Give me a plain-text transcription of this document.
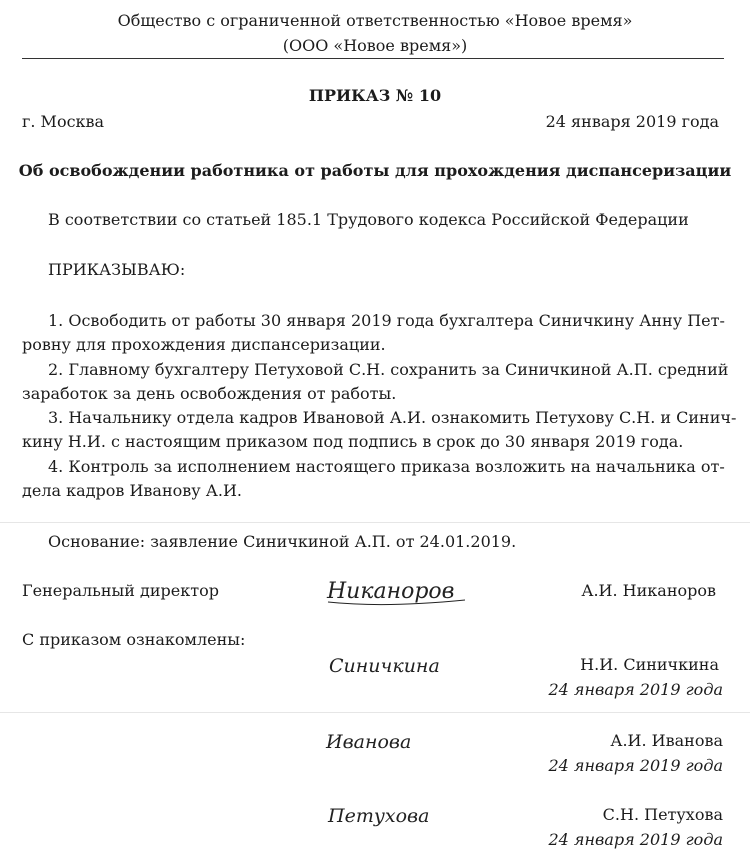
Общество с ограниченной ответственностью «Новое время»
(ООО «Новое время»)
ПРИКАЗ № 10
г. Москва	24 января 2019 года
Об освобождении работника от работы для прохождения диспансеризации
В соответствии со статьей 185.1 Трудового кодекса Российской Федерации
ПРИКАЗЫВАЮ:
1. Освободить от работы 30 января 2019 года бухгалтера Синичкину Анну Пет-
ровну для прохождения диспансеризации.
2. Главному бухгалтеру Петуховой С.Н. сохранить за Синичкиной А.П. средний
заработок за день освобождения от работы.
3. Начальнику отдела кадров Ивановой А.И. ознакомить Петухову С.Н. и Синич-
кину Н.И. с настоящим приказом под подпись в срок до 30 января 2019 года.
4. Контроль за исполнением настоящего приказа возложить на начальника от-
дела кадров Иванову А.И.
Основание: заявление Синичкиной А.П. от 24.01.2019.
Генеральный директор	Никаноров	А.И. Никаноров
С приказом ознакомлены:
Синичкина	Н.И. Синичкина
24 января 2019 года
Иванова	А.И. Иванова
24 января 2019 года
Петухова	С.Н. Петухова
24 января 2019 года
